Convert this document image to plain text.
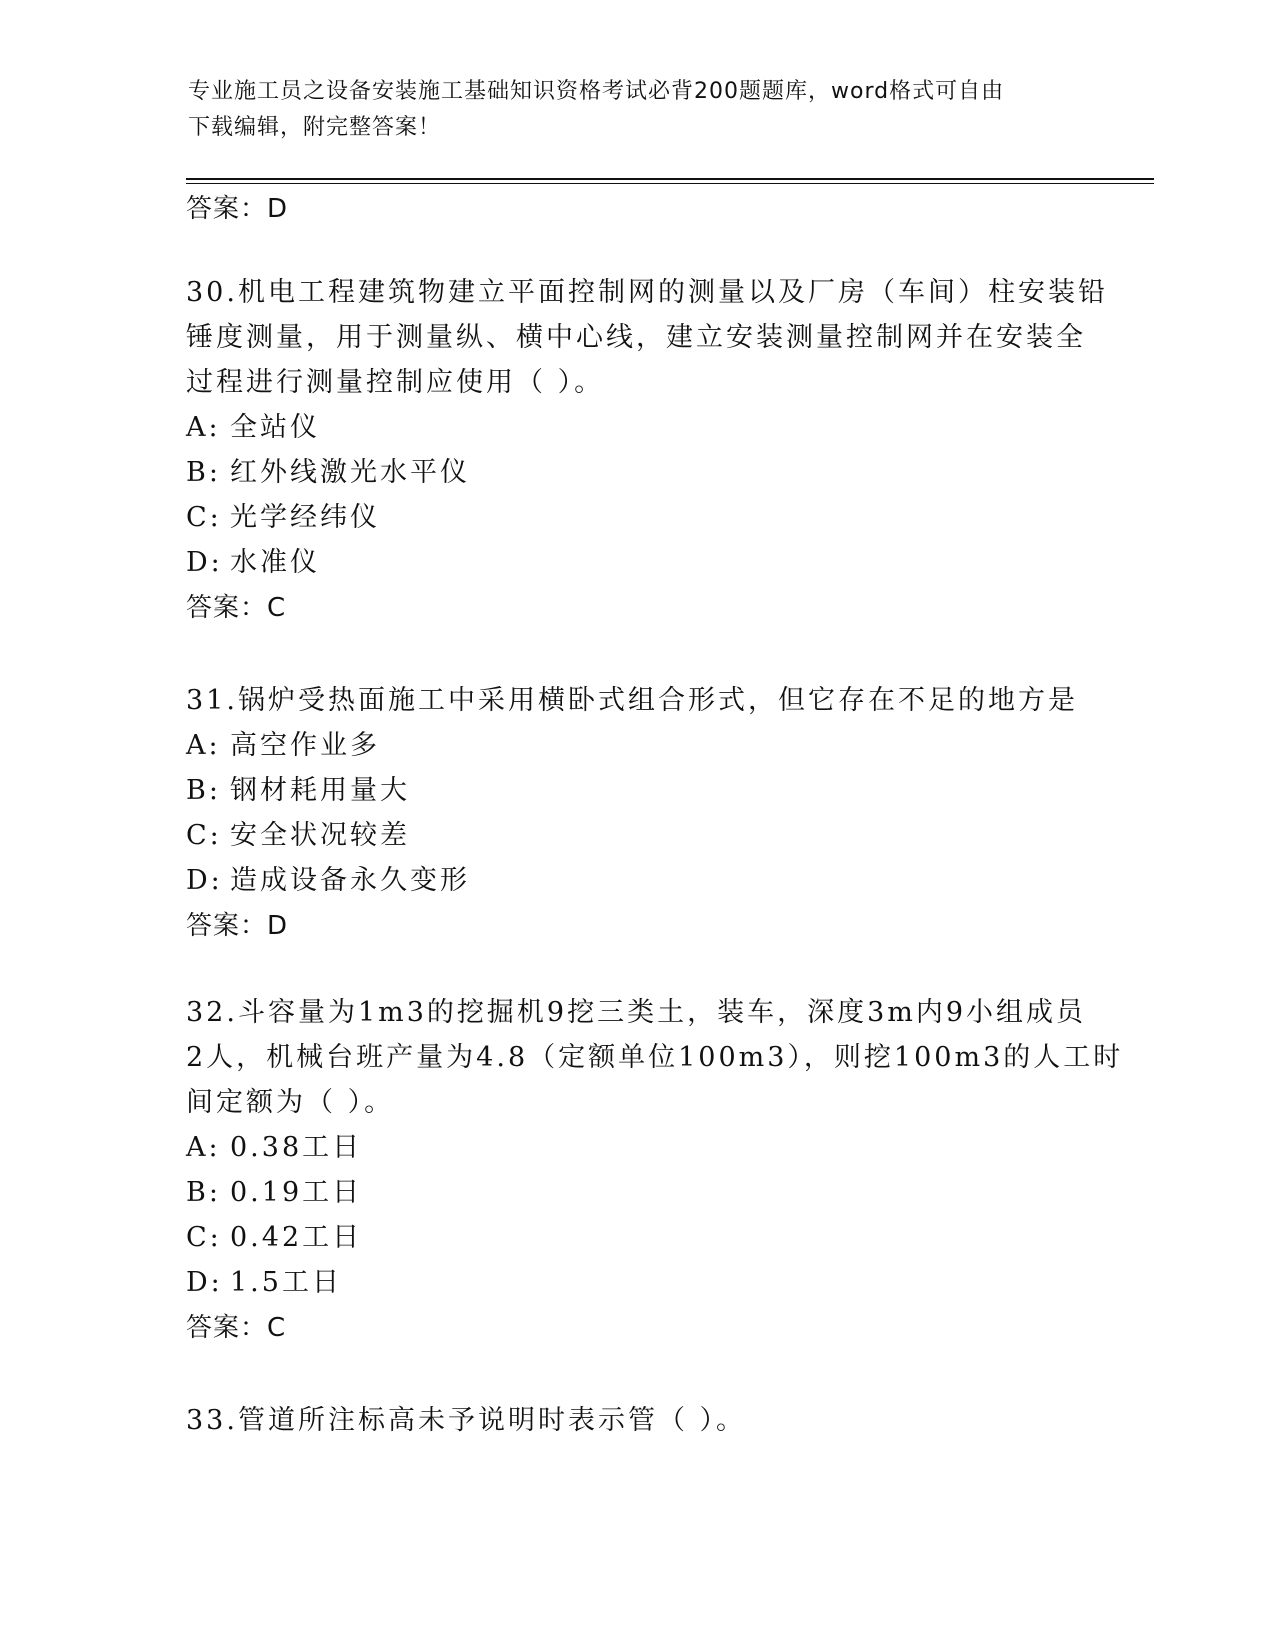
专业施工员之设备安装施工基础知识资格考试必背200题题库，word格式可自由
下载编辑，附完整答案！
答案：D
30.机电工程建筑物建立平面控制网的测量以及厂房（车间）柱安装铅
锤度测量，用于测量纵、横中心线，建立安装测量控制网并在安装全
过程进行测量控制应使用（ ）。
A: 全站仪
B: 红外线激光水平仪
C: 光学经纬仪
D: 水准仪
答案：C
31.锅炉受热面施工中采用横卧式组合形式，但它存在不足的地方是
A: 高空作业多
B: 钢材耗用量大
C: 安全状况较差
D: 造成设备永久变形
答案：D
32.斗容量为1m3的挖掘机9挖三类土，装车，深度3m内9小组成员
2人，机械台班产量为4.8（定额单位100m3），则挖100m3的人工时
间定额为（ ）。
A: 0.38工日
B: 0.19工日
C: 0.42工日
D: 1.5工日
答案：C
33.管道所注标高未予说明时表示管（ ）。
